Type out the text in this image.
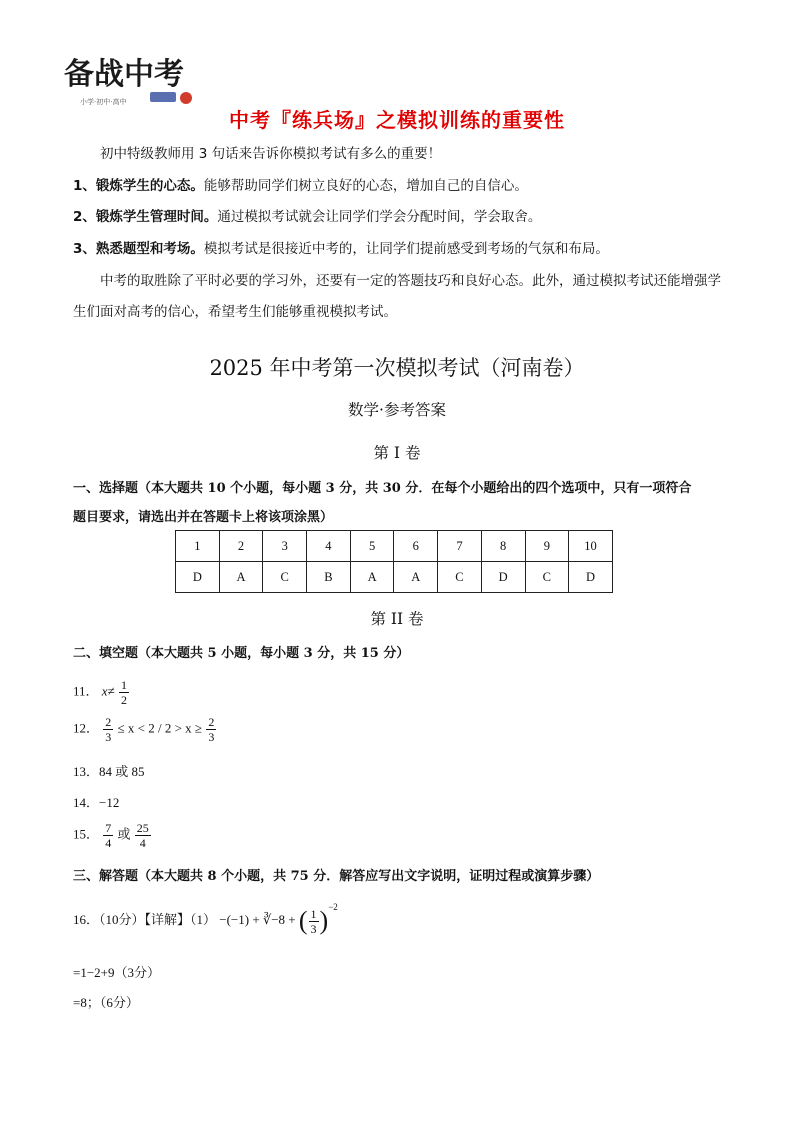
备战中考
小学·初中·高中
中考『练兵场』之模拟训练的重要性
初中特级教师用 3 句话来告诉你模拟考试有多么的重要！
1、锻炼学生的心态。能够帮助同学们树立良好的心态，增加自己的自信心。
2、锻炼学生管理时间。通过模拟考试就会让同学们学会分配时间，学会取舍。
3、熟悉题型和考场。模拟考试是很接近中考的，让同学们提前感受到考场的气氛和布局。
中考的取胜除了平时必要的学习外，还要有一定的答题技巧和良好心态。此外，通过模拟考试还能增强学生们面对高考的信心，希望考生们能够重视模拟考试。
2025 年中考第一次模拟考试（河南卷）
数学·参考答案
第 I 卷
一、选择题（本大题共 10 个小题，每小题 3 分，共 30 分．在每个小题给出的四个选项中，只有一项符合
题目要求，请选出并在答题卡上将该项涂黑）
1	2	3	4	5	6	7	8	9	10
D	A	C	B	A	A	C	D	C	D
第 II 卷
二、填空题（本大题共 5 小题，每小题 3 分，共 15 分）
11． $x\ne \frac{1}{2}$
12． $\frac{2}{3} \le x < 2 / 2 > x \ge \frac{2}{3}$
13．84 或 85
14．−12
15． $\frac{7}{4}$ 或 $\frac{25}{4}$
三、解答题（本大题共 8 个小题，共 75 分．解答应写出文字说明，证明过程或演算步骤）
16．（10分）【详解】（1） −(−1) + ∛−8 + ( $\frac{1}{3} )^{-2}$
=1−2+9（3分）
=8；（6分）
